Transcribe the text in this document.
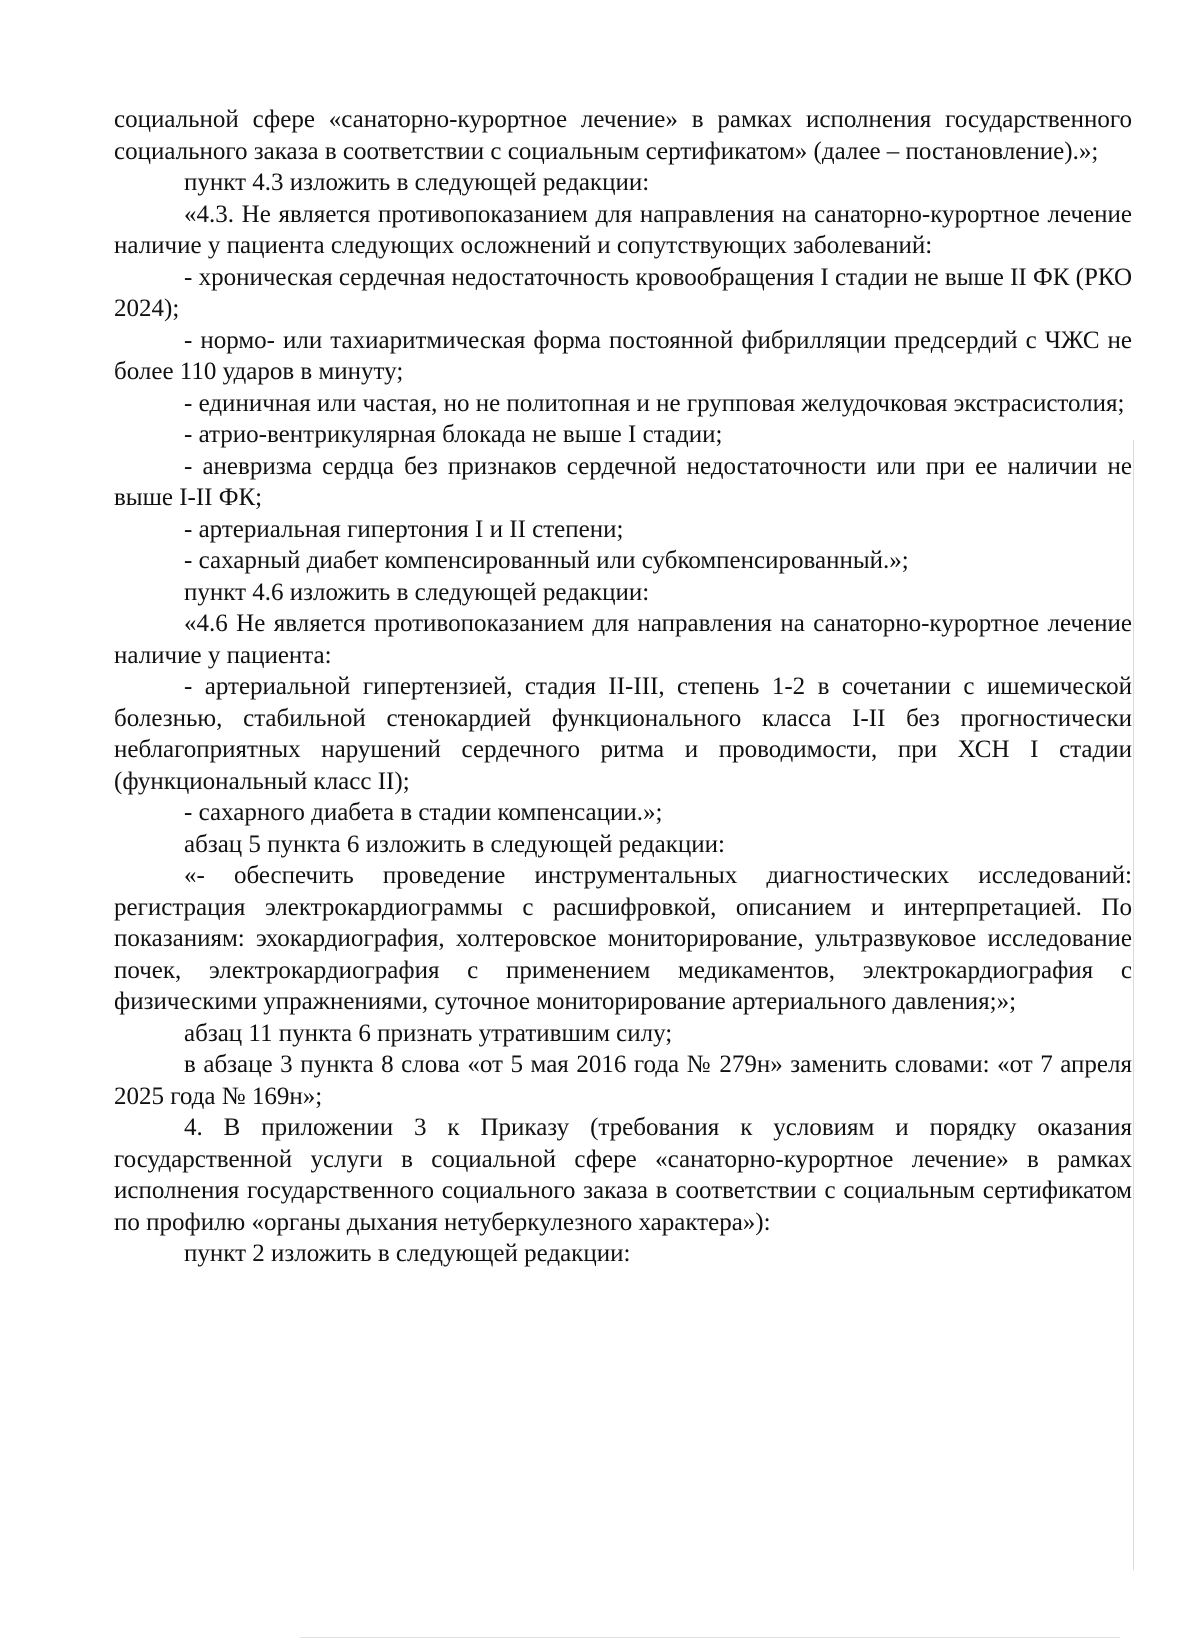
социальной сфере «санаторно-курортное лечение» в рамках исполнения государственного социального заказа в соответствии с социальным сертификатом» (далее – постановление).»;

пункт 4.3 изложить в следующей редакции:

«4.3. Не является противопоказанием для направления на санаторно-курортное лечение наличие у пациента следующих осложнений и сопутствующих заболеваний:

- хроническая сердечная недостаточность кровообращения I стадии не выше II ФК (РКО 2024);

- нормо- или тахиаритмическая форма постоянной фибрилляции предсердий с ЧЖС не более 110 ударов в минуту;

- единичная или частая, но не политопная и не групповая желудочковая экстрасистолия;

- атрио-вентрикулярная блокада не выше I стадии;

- аневризма сердца без признаков сердечной недостаточности или при ее наличии не выше I-II ФК;

- артериальная гипертония I и II степени;

- сахарный диабет компенсированный или субкомпенсированный.»;

пункт 4.6 изложить в следующей редакции:

«4.6 Не является противопоказанием для направления на санаторно-курортное лечение наличие у пациента:

- артериальной гипертензией, стадия II-III, степень 1-2 в сочетании с ишемической болезнью, стабильной стенокардией функционального класса I-II без прогностически неблагоприятных нарушений сердечного ритма и проводимости, при ХСН I стадии (функциональный класс II);

- сахарного диабета в стадии компенсации.»;

абзац 5 пункта 6 изложить в следующей редакции:

«- обеспечить проведение инструментальных диагностических исследований: регистрация электрокардиограммы с расшифровкой, описанием и интерпретацией. По показаниям: эхокардиография, холтеровское мониторирование, ультразвуковое исследование почек, электрокардиография с применением медикаментов, электрокардиография с физическими упражнениями, суточное мониторирование артериального давления;»;

абзац 11 пункта 6 признать утратившим силу;

в абзаце 3 пункта 8 слова «от 5 мая 2016 года № 279н» заменить словами: «от 7 апреля 2025 года № 169н»;

4. В приложении 3 к Приказу (требования к условиям и порядку оказания государственной услуги в социальной сфере «санаторно-курортное лечение» в рамках исполнения государственного социального заказа в соответствии с социальным сертификатом по профилю «органы дыхания нетуберкулезного характера»):

пункт 2 изложить в следующей редакции:
